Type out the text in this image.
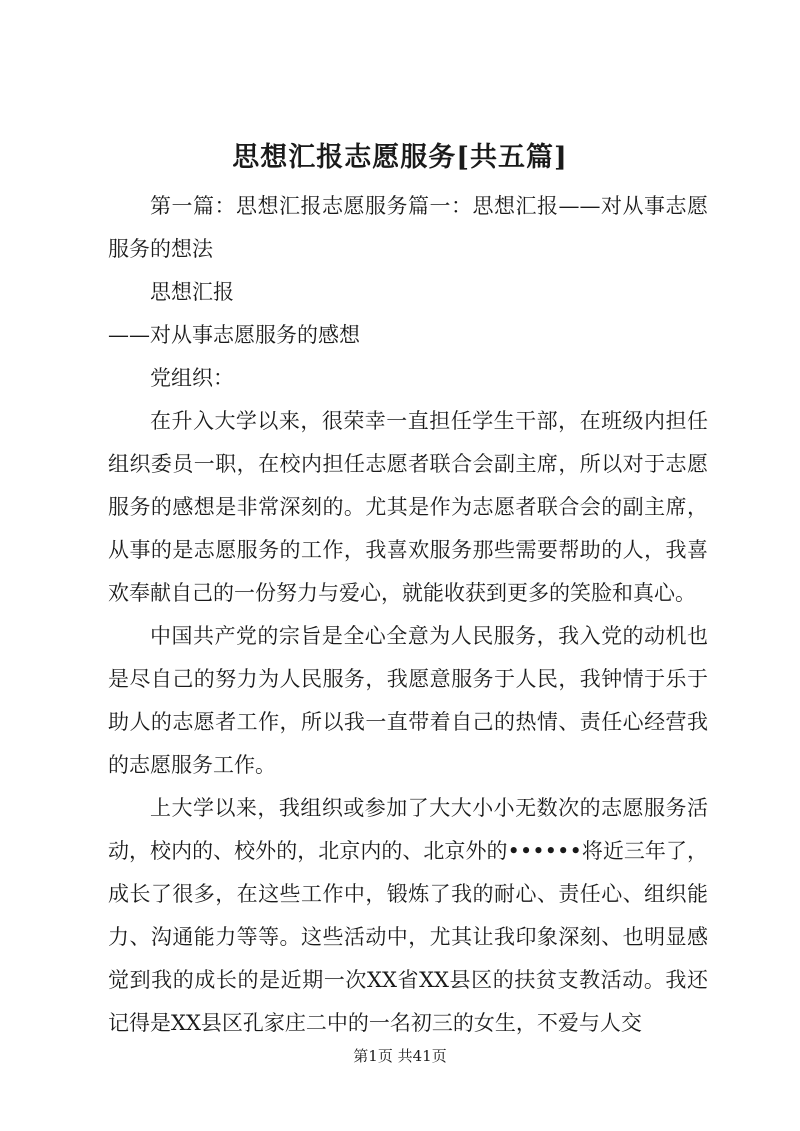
思想汇报志愿服务[共五篇]

第一篇：思想汇报志愿服务篇一：思想汇报——对从事志愿服务的想法

思想汇报

——对从事志愿服务的感想

党组织：

在升入大学以来，很荣幸一直担任学生干部，在班级内担任组织委员一职，在校内担任志愿者联合会副主席，所以对于志愿服务的感想是非常深刻的。尤其是作为志愿者联合会的副主席，从事的是志愿服务的工作，我喜欢服务那些需要帮助的人，我喜欢奉献自己的一份努力与爱心，就能收获到更多的笑脸和真心。

中国共产党的宗旨是全心全意为人民服务，我入党的动机也是尽自己的努力为人民服务，我愿意服务于人民，我钟情于乐于助人的志愿者工作，所以我一直带着自己的热情、责任心经营我的志愿服务工作。

上大学以来，我组织或参加了大大小小无数次的志愿服务活动，校内的、校外的，北京内的、北京外的••••••将近三年了，成长了很多，在这些工作中，锻炼了我的耐心、责任心、组织能力、沟通能力等等。这些活动中，尤其让我印象深刻、也明显感觉到我的成长的是近期一次XX省XX县区的扶贫支教活动。我还记得是XX县区孔家庄二中的一名初三的女生，不爱与人交

第1页 共41页
